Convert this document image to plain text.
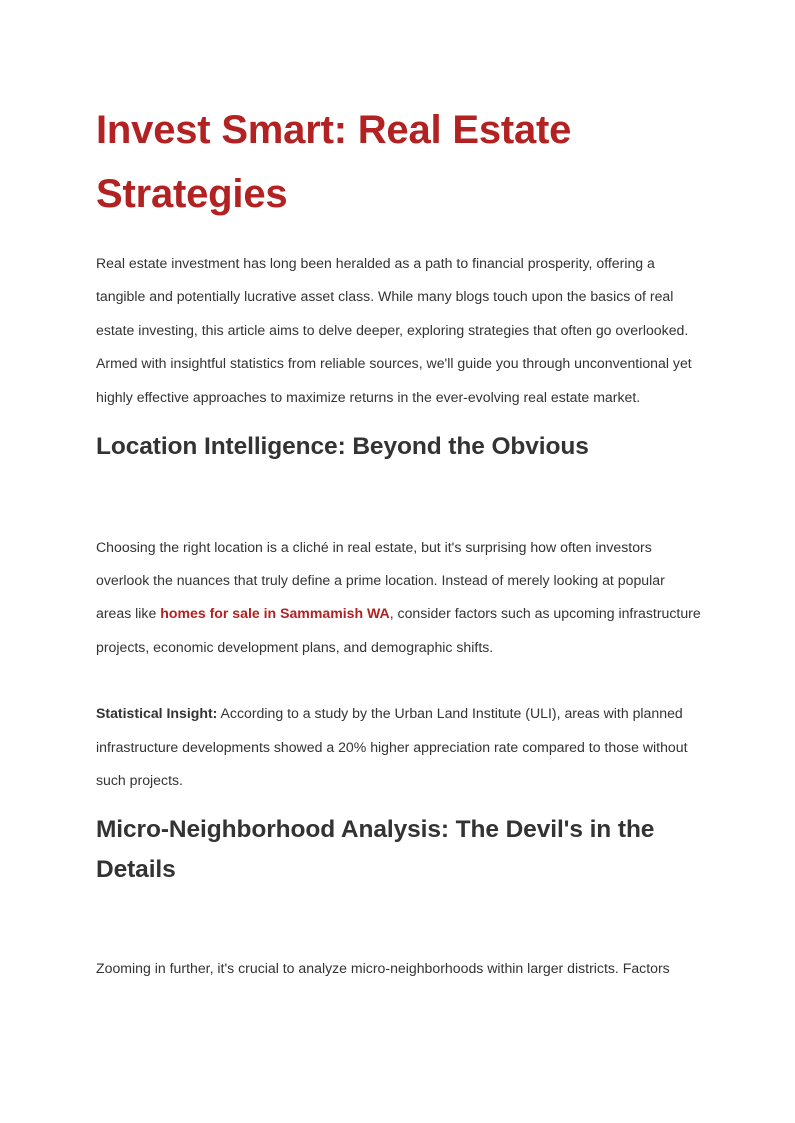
Invest Smart: Real Estate Strategies

Real estate investment has long been heralded as a path to financial prosperity, offering a tangible and potentially lucrative asset class. While many blogs touch upon the basics of real estate investing, this article aims to delve deeper, exploring strategies that often go overlooked. Armed with insightful statistics from reliable sources, we'll guide you through unconventional yet highly effective approaches to maximize returns in the ever-evolving real estate market.

Location Intelligence: Beyond the Obvious

Choosing the right location is a cliché in real estate, but it's surprising how often investors overlook the nuances that truly define a prime location. Instead of merely looking at popular areas like homes for sale in Sammamish WA, consider factors such as upcoming infrastructure projects, economic development plans, and demographic shifts.

Statistical Insight: According to a study by the Urban Land Institute (ULI), areas with planned infrastructure developments showed a 20% higher appreciation rate compared to those without such projects.

Micro-Neighborhood Analysis: The Devil's in the Details

Zooming in further, it's crucial to analyze micro-neighborhoods within larger districts. Factors
